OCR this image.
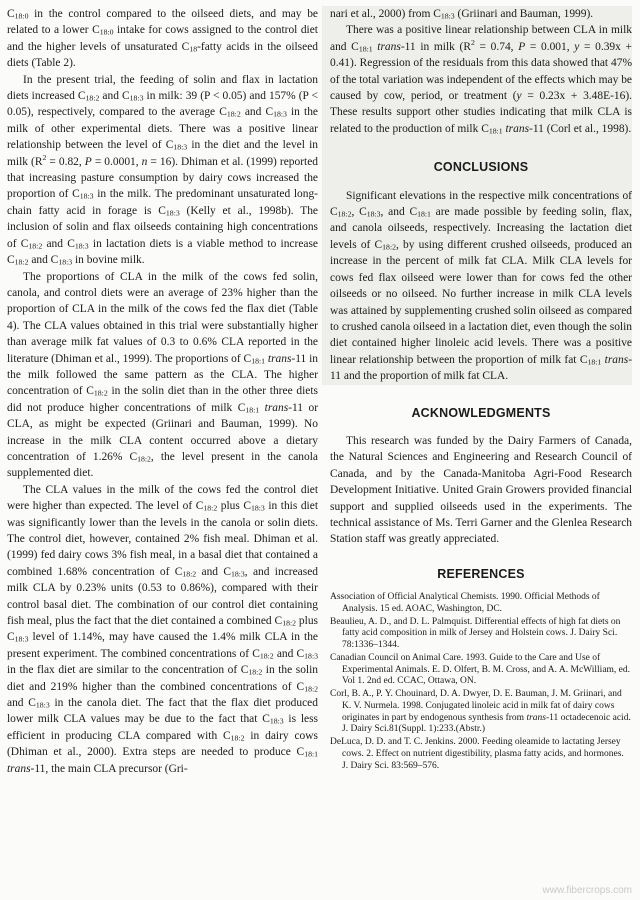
$C_{18:0}$ in the control compared to the oilseed diets, and may be related to a lower $C_{18:0}$ intake for cows assigned to the control diet and the higher levels of unsaturated $C_{18}$-fatty acids in the oilseed diets (Table 2).

In the present trial, the feeding of solin and flax in lactation diets increased $C_{18:2}$ and $C_{18:3}$ in milk: 39 (P < 0.05) and 157% (P < 0.05), respectively, compared to the average $C_{18:2}$ and $C_{18:3}$ in the milk of other experimental diets. There was a positive linear relationship between the level of $C_{18:3}$ in the diet and the level in milk ($R^2 = 0.82$, P = 0.0001, n = 16). Dhiman et al. (1999) reported that increasing pasture consumption by dairy cows increased the proportion of $C_{18:3}$ in the milk. The predominant unsaturated long-chain fatty acid in forage is $C_{18:3}$ (Kelly et al., 1998b). The inclusion of solin and flax oilseeds containing high concentrations of $C_{18:2}$ and $C_{18:3}$ in lactation diets is a viable method to increase $C_{18:2}$ and $C_{18:3}$ in bovine milk.

The proportions of CLA in the milk of the cows fed solin, canola, and control diets were an average of 23% higher than the proportion of CLA in the milk of the cows fed the flax diet (Table 4). The CLA values obtained in this trial were substantially higher than average milk fat values of 0.3 to 0.6% CLA reported in the literature (Dhiman et al., 1999). The proportions of $C_{18:1}$ trans-11 in the milk followed the same pattern as the CLA. The higher concentration of $C_{18:2}$ in the solin diet than in the other three diets did not produce higher concentrations of milk $C_{18:1}$ trans-11 or CLA, as might be expected (Griinari and Bauman, 1999). No increase in the milk CLA content occurred above a dietary concentration of 1.26% $C_{18:2}$, the level present in the canola supplemented diet.

The CLA values in the milk of the cows fed the control diet were higher than expected. The level of $C_{18:2}$ plus $C_{18:3}$ in this diet was significantly lower than the levels in the canola or solin diets. The control diet, however, contained 2% fish meal. Dhiman et al. (1999) fed dairy cows 3% fish meal, in a basal diet that contained a combined 1.68% concentration of $C_{18:2}$ and $C_{18:3}$, and increased milk CLA by 0.23% units (0.53 to 0.86%), compared with their control basal diet. The combination of our control diet containing fish meal, plus the fact that the diet contained a combined $C_{18:2}$ plus $C_{18:3}$ level of 1.14%, may have caused the 1.4% milk CLA in the present experiment. The combined concentrations of $C_{18:2}$ and $C_{18:3}$ in the flax diet are similar to the concentration of $C_{18:2}$ in the solin diet and 219% higher than the combined concentrations of $C_{18:2}$ and $C_{18:3}$ in the canola diet. The fact that the flax diet produced lower milk CLA values may be due to the fact that $C_{18:3}$ is less efficient in producing CLA compared with $C_{18:2}$ in dairy cows (Dhiman et al., 2000). Extra steps are needed to produce $C_{18:1}$ trans-11, the main CLA precursor (Gri-

nari et al., 2000) from $C_{18:3}$ (Griinari and Bauman, 1999).

There was a positive linear relationship between CLA in milk and $C_{18:1}$ trans-11 in milk ($R^2 = 0.74$, P = 0.001, y = 0.39x + 0.41). Regression of the residuals from this data showed that 47% of the total variation was independent of the effects which may be caused by cow, period, or treatment (y = 0.23x + 3.48E-16). These results support other studies indicating that milk CLA is related to the production of milk $C_{18:1}$ trans-11 (Corl et al., 1998).

CONCLUSIONS

Significant elevations in the respective milk concentrations of $C_{18:2}$, $C_{18:3}$, and $C_{18:1}$ are made possible by feeding solin, flax, and canola oilseeds, respectively. Increasing the lactation diet levels of $C_{18:2}$, by using different crushed oilseeds, produced an increase in the percent of milk fat CLA. Milk CLA levels for cows fed flax oilseed were lower than for cows fed the other oilseeds or no oilseed. No further increase in milk CLA levels was attained by supplementing crushed solin oilseed as compared to crushed canola oilseed in a lactation diet, even though the solin diet contained higher linoleic acid levels. There was a positive linear relationship between the proportion of milk fat $C_{18:1}$ trans-11 and the proportion of milk fat CLA.

ACKNOWLEDGMENTS

This research was funded by the Dairy Farmers of Canada, the Natural Sciences and Engineering and Research Council of Canada, and by the Canada-Manitoba Agri-Food Research Development Initiative. United Grain Growers provided financial support and supplied oilseeds used in the experiments. The technical assistance of Ms. Terri Garner and the Glenlea Research Station staff was greatly appreciated.

REFERENCES

Association of Official Analytical Chemists. 1990. Official Methods of Analysis. 15 ed. AOAC, Washington, DC.

Beaulieu, A. D., and D. L. Palmquist. Differential effects of high fat diets on fatty acid composition in milk of Jersey and Holstein cows. J. Dairy Sci. 78:1336–1344.

Canadian Council on Animal Care. 1993. Guide to the Care and Use of Experimental Animals. E. D. Olfert, B. M. Cross, and A. A. McWilliam, ed. Vol 1. 2nd ed. CCAC, Ottawa, ON.

Corl, B. A., P. Y. Chouinard, D. A. Dwyer, D. E. Bauman, J. M. Griinari, and K. V. Nurmela. 1998. Conjugated linoleic acid in milk fat of dairy cows originates in part by endogenous synthesis from trans-11 octadecenoic acid. J. Dairy Sci.81(Suppl. 1):233.(Abstr.)

DeLuca, D. D. and T. C. Jenkins. 2000. Feeding oleamide to lactating Jersey cows. 2. Effect on nutrient digestibility, plasma fatty acids, and hormones. J. Dairy Sci. 83:569–576.

www.fibercrops.com
